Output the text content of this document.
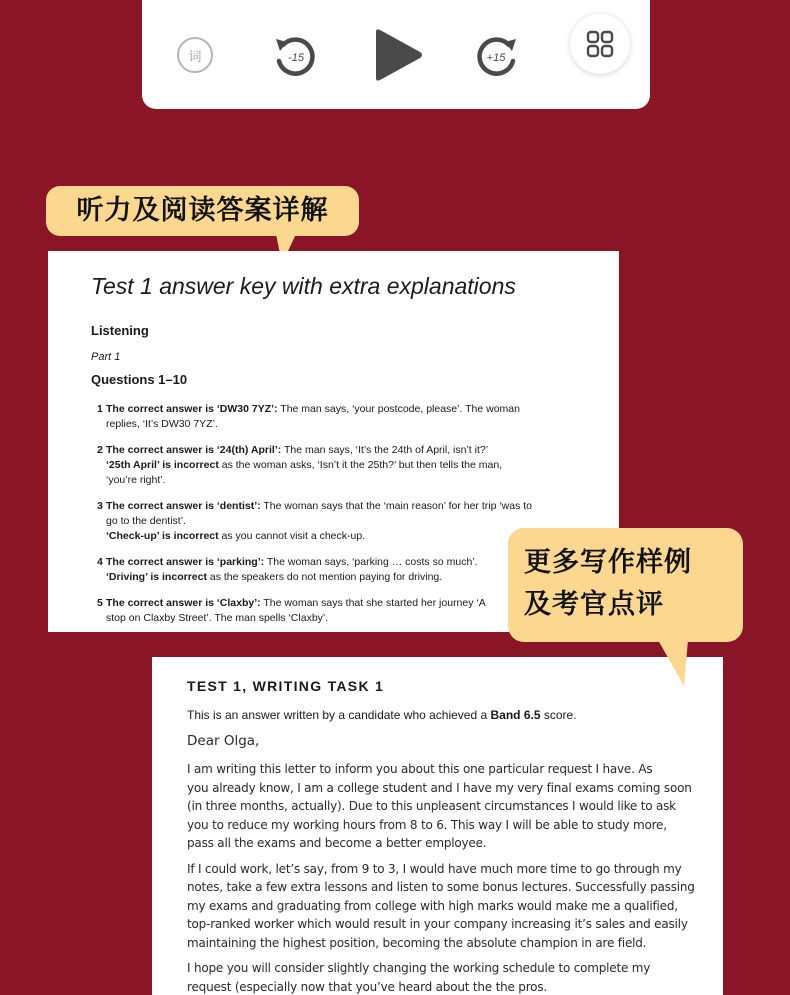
词	-15	+15
听力及阅读答案详解
Test 1 answer key with extra explanations
Listening
Part 1
Questions 1–10
1 The correct answer is ‘DW30 7YZ’: The man says, ‘your postcode, please’. The woman
replies, ‘It’s DW30 7YZ’.
2 The correct answer is ‘24(th) April’: The man says, ‘It’s the 24th of April, isn’t it?’
‘25th April’ is incorrect as the woman asks, ‘Isn’t it the 25th?’ but then tells the man,
‘you’re right’.
3 The correct answer is ‘dentist’: The woman says that the ‘main reason’ for her trip ‘was to
go to the dentist’.
‘Check-up’ is incorrect as you cannot visit a check-up.
4 The correct answer is ‘parking’: The woman says, ‘parking … costs so much’.
‘Driving’ is incorrect as the speakers do not mention paying for driving.
5 The correct answer is ‘Claxby’: The woman says that she started her journey ‘A
stop on Claxby Street’. The man spells ‘Claxby’.
TEST 1, WRITING TASK 1
This is an answer written by a candidate who achieved a Band 6.5 score.
Dear Olga,
I am writing this letter to inform you about this one particular request I have. As
you already know, I am a college student and I have my very final exams coming soon
(in three months, actually). Due to this unpleasent circumstances I would like to ask
you to reduce my working hours from 8 to 6. This way I will be able to study more,
pass all the exams and become a better employee.
If I could work, let’s say, from 9 to 3, I would have much more time to go through my
notes, take a few extra lessons and listen to some bonus lectures. Successfully passing
my exams and graduating from college with high marks would make me a qualified,
top-ranked worker which would result in your company increasing it’s sales and easily
maintaining the highest position, becoming the absolute champion in are field.
I hope you will consider slightly changing the working schedule to complete my
request (especially now that you’ve heard about the the pros.
更多写作样例
及考官点评
